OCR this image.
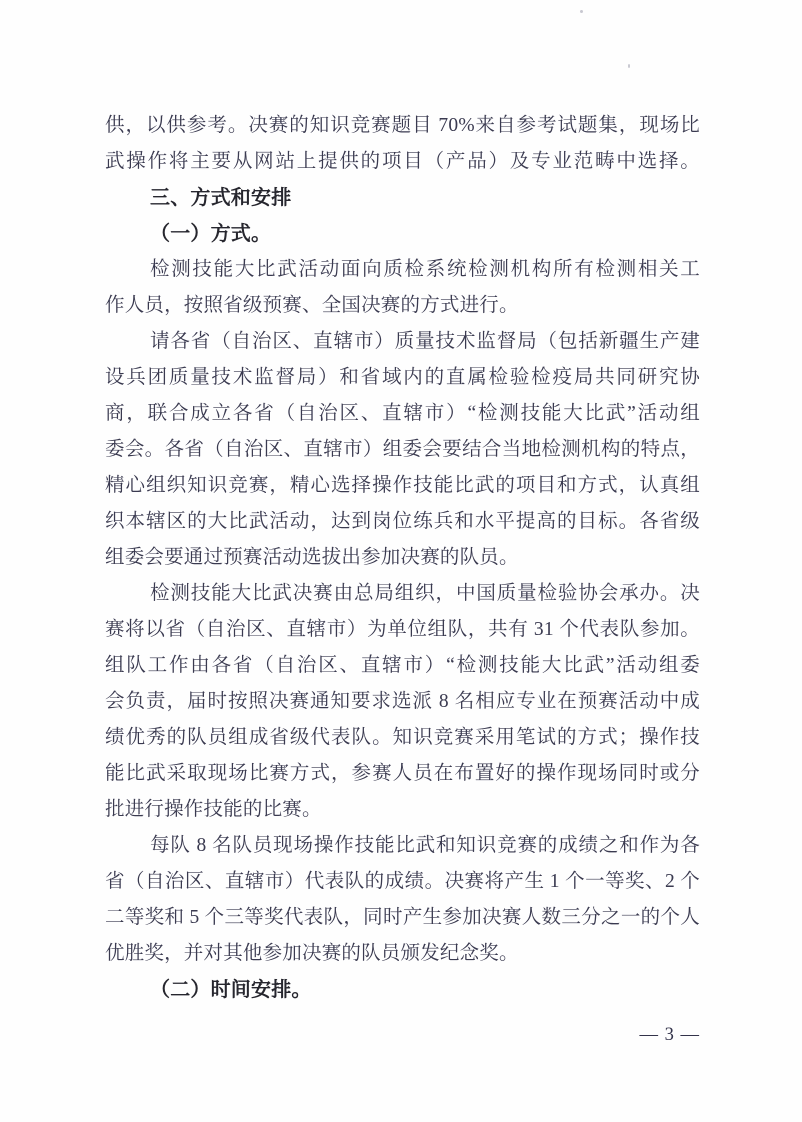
供，以供参考。决赛的知识竞赛题目 70%来自参考试题集，现场比
武操作将主要从网站上提供的项目（产品）及专业范畴中选择。
三、方式和安排
（一）方式。
检测技能大比武活动面向质检系统检测机构所有检测相关工
作人员，按照省级预赛、全国决赛的方式进行。
请各省（自治区、直辖市）质量技术监督局（包括新疆生产建
设兵团质量技术监督局）和省域内的直属检验检疫局共同研究协
商，联合成立各省（自治区、直辖市）“检测技能大比武”活动组
委会。各省（自治区、直辖市）组委会要结合当地检测机构的特点，
精心组织知识竞赛，精心选择操作技能比武的项目和方式，认真组
织本辖区的大比武活动，达到岗位练兵和水平提高的目标。各省级
组委会要通过预赛活动选拔出参加决赛的队员。
检测技能大比武决赛由总局组织，中国质量检验协会承办。决
赛将以省（自治区、直辖市）为单位组队，共有 31 个代表队参加。
组队工作由各省（自治区、直辖市）“检测技能大比武”活动组委
会负责，届时按照决赛通知要求选派 8 名相应专业在预赛活动中成
绩优秀的队员组成省级代表队。知识竞赛采用笔试的方式；操作技
能比武采取现场比赛方式，参赛人员在布置好的操作现场同时或分
批进行操作技能的比赛。
每队 8 名队员现场操作技能比武和知识竞赛的成绩之和作为各
省（自治区、直辖市）代表队的成绩。决赛将产生 1 个一等奖、2 个
二等奖和 5 个三等奖代表队，同时产生参加决赛人数三分之一的个人
优胜奖，并对其他参加决赛的队员颁发纪念奖。
（二）时间安排。
— 3 —
